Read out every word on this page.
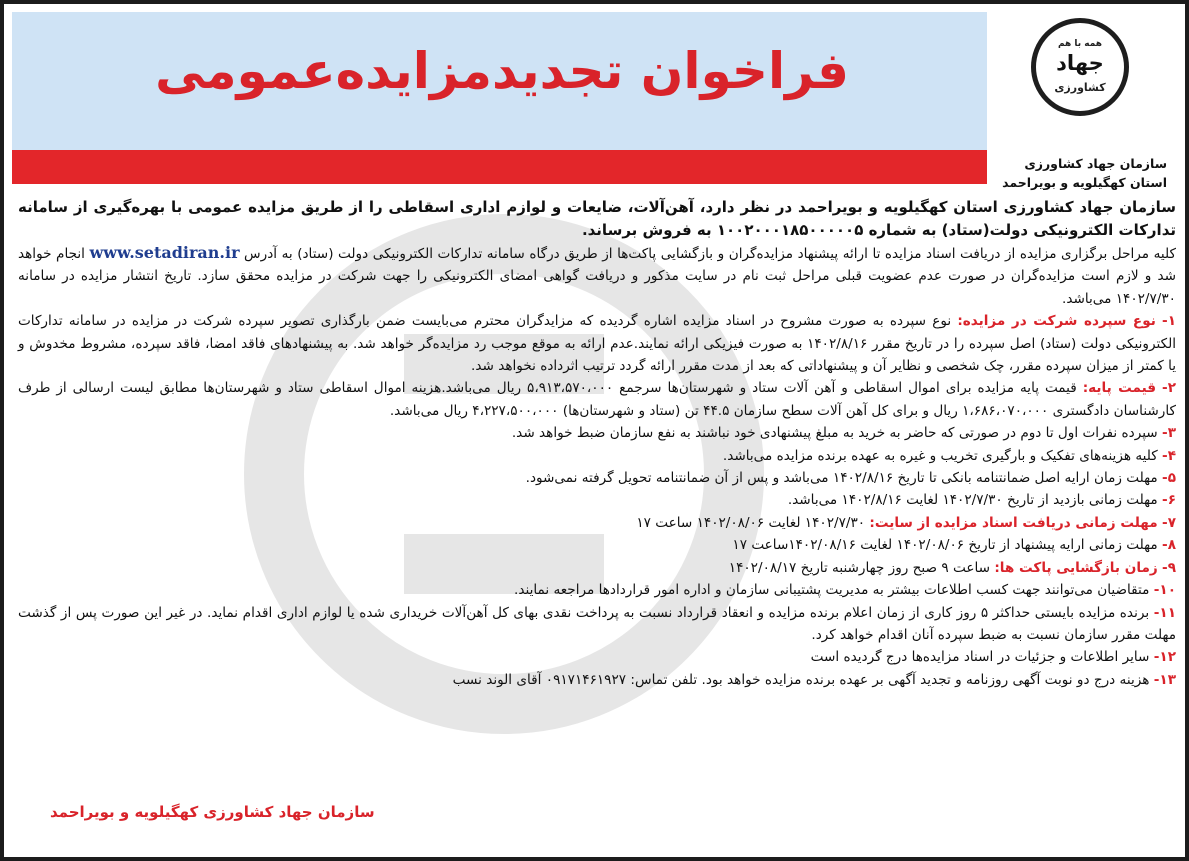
فراخوان تجدیدمزایده‌عمومی	همه با هم
جهاد
کشاورزی
سازمان جهاد کشاورزی
استان کهگیلویه و بویراحمد

سازمان جهاد کشاورزی استان کهگیلویه و بویراحمد در نظر دارد، آهن‌آلات، ضایعات و لوازم اداری اسقاطی را از طریق مزایده عمومی با بهره‌گیری از سامانه تدارکات الکترونیکی دولت(ستاد) به شماره ۱۰۰۲۰۰۰۱۸۵۰۰۰۰۰۵ به فروش برساند.

کلیه مراحل برگزاری مزایده از دریافت اسناد مزایده تا ارائه پیشنهاد مزایده‌گران و بازگشایی پاکت‌ها از طریق درگاه سامانه تدارکات الکترونیکی دولت (ستاد) به آدرس www.setadiran.ir انجام خواهد شد و لازم است مزایده‌گران در صورت عدم عضویت قبلی مراحل ثبت نام در سایت مذکور و دریافت گواهی امضای الکترونیکی را جهت شرکت در مزایده محقق سازد. تاریخ انتشار مزایده در سامانه ۱۴۰۲/۷/۳۰ می‌باشد.

۱- نوع سپرده شرکت در مزایده: نوع سپرده به صورت مشروح در اسناد مزایده اشاره گردیده که مزایدگران محترم می‌بایست ضمن بارگذاری تصویر سپرده شرکت در مزایده در سامانه تدارکات الکترونیکی دولت (ستاد) اصل سپرده را در تاریخ مقرر ۱۴۰۲/۸/۱۶ به صورت فیزیکی ارائه نمایند.عدم ارائه به موقع موجب رد مزایده‌گر خواهد شد. به پیشنهادهای فاقد امضا، فاقد سپرده، مشروط مخدوش و یا کمتر از میزان سپرده مقرر، چک شخصی و نظایر آن و پیشنهاداتی که بعد از مدت مقرر ارائه گردد ترتیب اثرداده نخواهد شد.

۲- قیمت پایه: قیمت پایه مزایده برای اموال اسقاطی و آهن آلات ستاد و شهرستان‌ها سرجمع ۵،۹۱۳،۵۷۰،۰۰۰ ریال می‌باشد.هزینه اموال اسقاطی ستاد و شهرستان‌ها مطابق لیست ارسالی از طرف کارشناسان دادگستری ۱،۶۸۶،۰۷۰،۰۰۰ ریال و برای کل آهن آلات سطح سازمان ۴۴.۵ تن (ستاد و شهرستان‌ها) ۴،۲۲۷،۵۰۰،۰۰۰ ریال می‌باشد.

۳- سپرده نفرات اول تا دوم در صورتی که حاضر به خرید به مبلغ پیشنهادی خود نباشند به نفع سازمان ضبط خواهد شد.

۴- کلیه هزینه‌های تفکیک و بارگیری تخریب و غیره به عهده برنده مزایده می‌باشد.

۵- مهلت زمان ارایه اصل ضمانتنامه بانکی تا تاریخ ۱۴۰۲/۸/۱۶ می‌باشد و پس از آن ضمانتنامه تحویل گرفته نمی‌شود.

۶- مهلت زمانی بازدید از تاریخ ۱۴۰۲/۷/۳۰ لغایت ۱۴۰۲/۸/۱۶ می‌باشد.

۷- مهلت زمانی دریافت اسناد مزایده از سایت: ۱۴۰۲/۷/۳۰ لغایت ۱۴۰۲/۰۸/۰۶ ساعت ۱۷

۸- مهلت زمانی ارایه پیشنهاد از تاریخ ۱۴۰۲/۰۸/۰۶ لغایت ۱۴۰۲/۰۸/۱۶ساعت ۱۷

۹- زمان بازگشایی پاکت ها: ساعت ۹ صبح روز چهارشنبه تاریخ ۱۴۰۲/۰۸/۱۷

۱۰- متقاضیان می‌توانند جهت کسب اطلاعات بیشتر به مدیریت پشتیبانی سازمان و اداره امور قراردادها مراجعه نمایند.

۱۱- برنده مزایده بایستی حداکثر ۵ روز کاری از زمان اعلام برنده مزایده و انعقاد قرارداد نسبت به پرداخت نقدی بهای کل آهن‌آلات خریداری شده یا لوازم اداری اقدام نماید. در غیر این صورت پس از گذشت مهلت مقرر سازمان نسبت به ضبط سپرده آنان اقدام خواهد کرد.

۱۲- سایر اطلاعات و جزئیات در اسناد مزایده‌ها درج گردیده است

۱۳- هزینه درج دو نوبت آگهی روزنامه و تجدید آگهی بر عهده برنده مزایده خواهد بود. تلفن تماس: ۰۹۱۷۱۴۶۱۹۲۷ آقای الوند نسب

سازمان جهاد کشاورزی کهگیلویه و بویراحمد
